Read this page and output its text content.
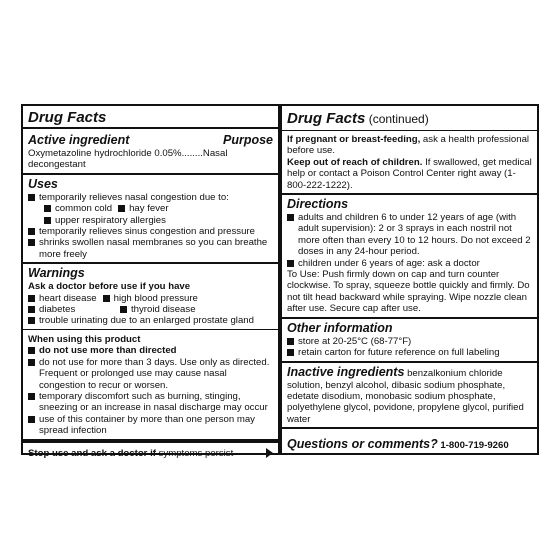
Drug Facts
Active ingredient	Purpose
Oxymetazoline hydrochloride 0.05%........Nasal decongestant
Uses
temporarily relieves nasal congestion due to:
common cold hay fever
upper respiratory allergies
temporarily relieves sinus congestion and pressure
shrinks swollen nasal membranes so you can breathe more freely
Warnings
Ask a doctor before use if you have
heart disease high blood pressure
diabetes	thyroid disease
trouble urinating due to an enlarged prostate gland
When using this product
do not use more than directed
do not use for more than 3 days. Use only as directed. Frequent or prolonged use may cause nasal congestion to recur or worsen.
temporary discomfort such as burning, stinging, sneezing or an increase in nasal discharge may occur
use of this container by more than one person may spread infection
Stop use and ask a doctor if symptoms persist
Drug Facts (continued)
If pregnant or breast-feeding, ask a health professional before use.
Keep out of reach of children. If swallowed, get medical help or contact a Poison Control Center right away (1-800-222-1222).
Directions
adults and children 6 to under 12 years of age (with adult supervision): 2 or 3 sprays in each nostril not more often than every 10 to 12 hours. Do not exceed 2 doses in any 24-hour period.
children under 6 years of age: ask a doctor
To Use: Push firmly down on cap and turn counter clockwise. To spray, squeeze bottle quickly and firmly. Do not tilt head backward while spraying. Wipe nozzle clean after use. Secure cap after use.
Other information
store at 20-25°C (68-77°F)
retain carton for future reference on full labeling
Inactive ingredients benzalkonium chloride solution, benzyl alcohol, dibasic sodium phosphate, edetate disodium, monobasic sodium phosphate, polyethylene glycol, povidone, propylene glycol, purified water
Questions or comments? 1-800-719-9260
